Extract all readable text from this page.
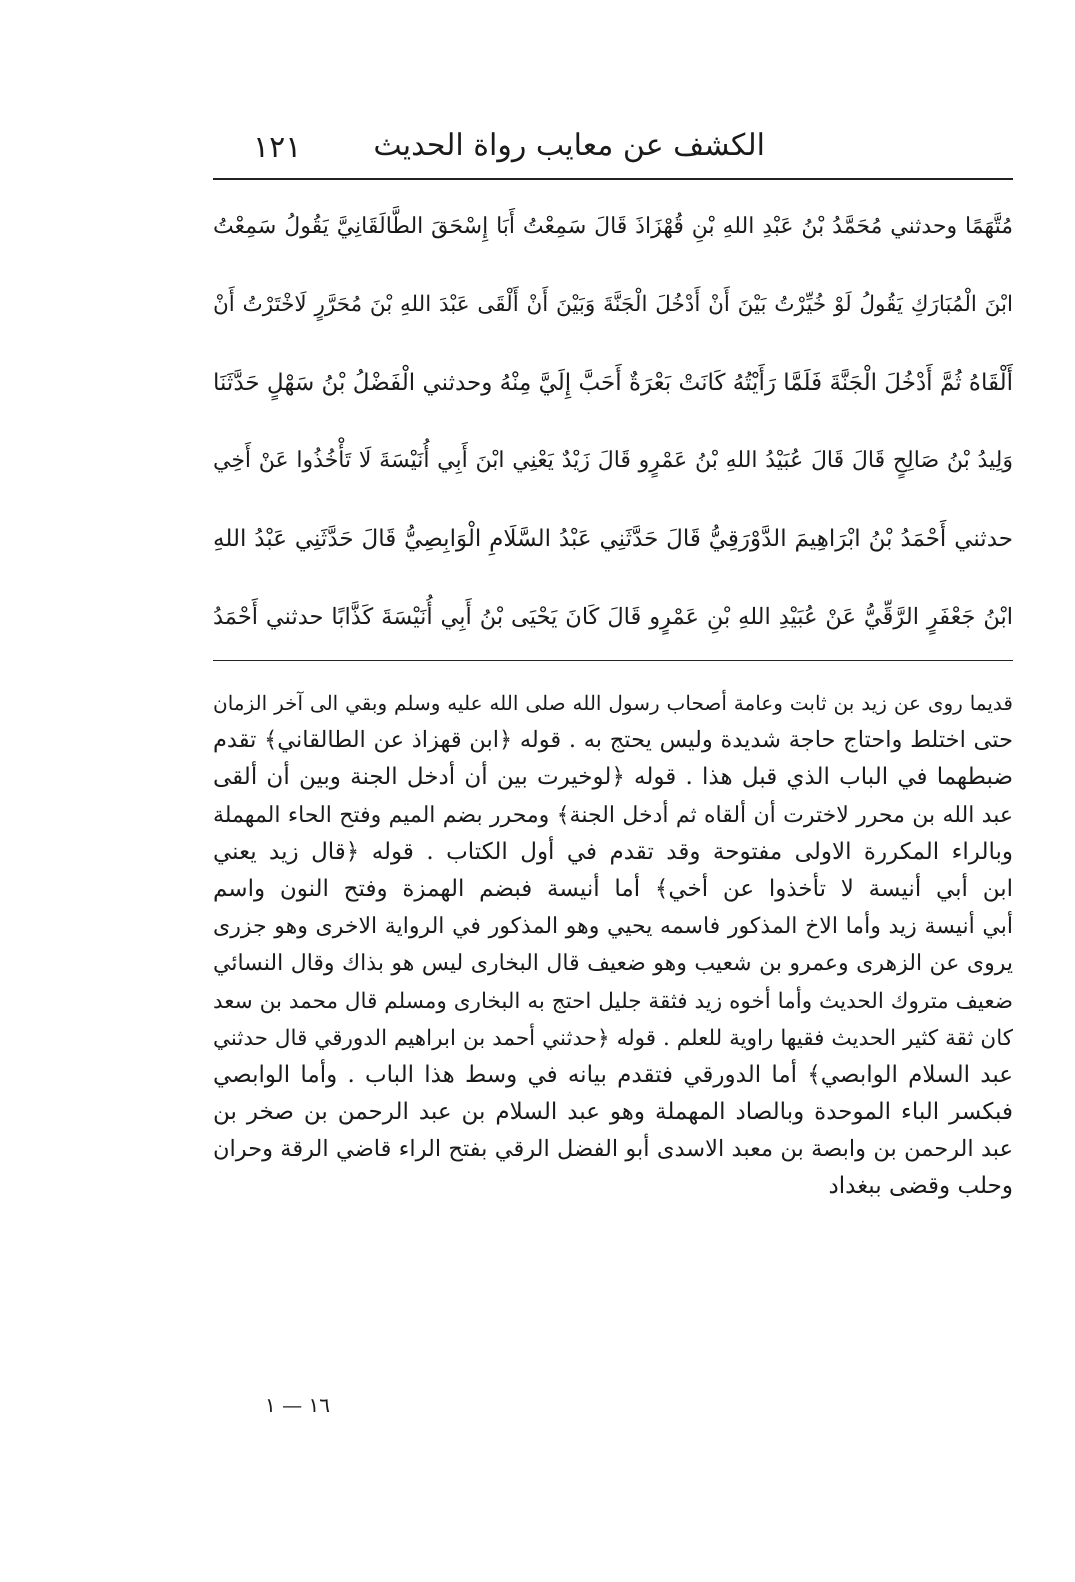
الكشف عن معايب رواة الحديث
١٢١
مُتَّهَمًا وحدثني مُحَمَّدُ بْنُ عَبْدِ اللهِ بْنِ قُهْزَاذَ قَالَ سَمِعْتُ أَبَا إِسْحَقَ الطَّالَقَانِيَّ يَقُولُ سَمِعْتُ
ابْنَ الْمُبَارَكِ يَقُولُ لَوْ خُيِّرْتُ بَيْنَ أَنْ أَدْخُلَ الْجَنَّةَ وَبَيْنَ أَنْ أَلْقَى عَبْدَ اللهِ بْنَ مُحَرَّرٍ لَاخْتَرْتُ أَنْ
أَلْقَاهُ ثُمَّ أَدْخُلَ الْجَنَّةَ فَلَمَّا رَأَيْتُهُ كَانَتْ بَعْرَةٌ أَحَبَّ إِلَيَّ مِنْهُ وحدثني الْفَضْلُ بْنُ سَهْلٍ حَدَّثَنَا
وَلِيدُ بْنُ صَالِحٍ قَالَ قَالَ عُبَيْدُ اللهِ بْنُ عَمْرٍو قَالَ زَيْدٌ يَعْنِي ابْنَ أَبِي أُنَيْسَةَ لَا تَأْخُذُوا عَنْ أَخِي
حدثني أَحْمَدُ بْنُ ابْرَاهِيمَ الدَّوْرَقِيُّ قَالَ حَدَّثَنِي عَبْدُ السَّلَامِ الْوَابِصِيُّ قَالَ حَدَّثَنِي عَبْدُ اللهِ
ابْنُ جَعْفَرٍ الرَّقِّيُّ عَنْ عُبَيْدِ اللهِ بْنِ عَمْرٍو قَالَ كَانَ يَحْيَى بْنُ أَبِي أُنَيْسَةَ كَذَّابًا حدثني أَحْمَدُ
قديما روى عن زيد بن ثابت وعامة أصحاب رسول الله صلى الله عليه وسلم وبقي الى آخر الزمان
حتى اختلط واحتاج حاجة شديدة وليس يحتج به . قوله ﴿ابن قهزاذ عن الطالقاني﴾ تقدم
ضبطهما في الباب الذي قبل هذا . قوله ﴿لوخيرت بين أن أدخل الجنة وبين أن ألقى
عبد الله بن محرر لاخترت أن ألقاه ثم أدخل الجنة﴾ ومحرر بضم الميم وفتح الحاء المهملة
وبالراء المكررة الاولى مفتوحة وقد تقدم في أول الكتاب . قوله ﴿قال زيد يعني
ابن أبي أنيسة لا تأخذوا عن أخي﴾ أما أنيسة فبضم الهمزة وفتح النون واسم
أبي أنيسة زيد وأما الاخ المذكور فاسمه يحيي وهو المذكور في الرواية الاخرى وهو جزرى
يروى عن الزهرى وعمرو بن شعيب وهو ضعيف قال البخارى ليس هو بذاك وقال النسائي
ضعيف متروك الحديث وأما أخوه زيد فثقة جليل احتج به البخارى ومسلم قال محمد بن سعد
كان ثقة كثير الحديث فقيها راوية للعلم . قوله ﴿حدثني أحمد بن ابراهيم الدورقي قال حدثني
عبد السلام الوابصي﴾ أما الدورقي فتقدم بيانه في وسط هذا الباب . وأما الوابصي
فبكسر الباء الموحدة وبالصاد المهملة وهو عبد السلام بن عبد الرحمن بن صخر بن
عبد الرحمن بن وابصة بن معبد الاسدى أبو الفضل الرقي بفتح الراء قاضي الرقة وحران
وحلب وقضى ببغداد
١٦ — ١
